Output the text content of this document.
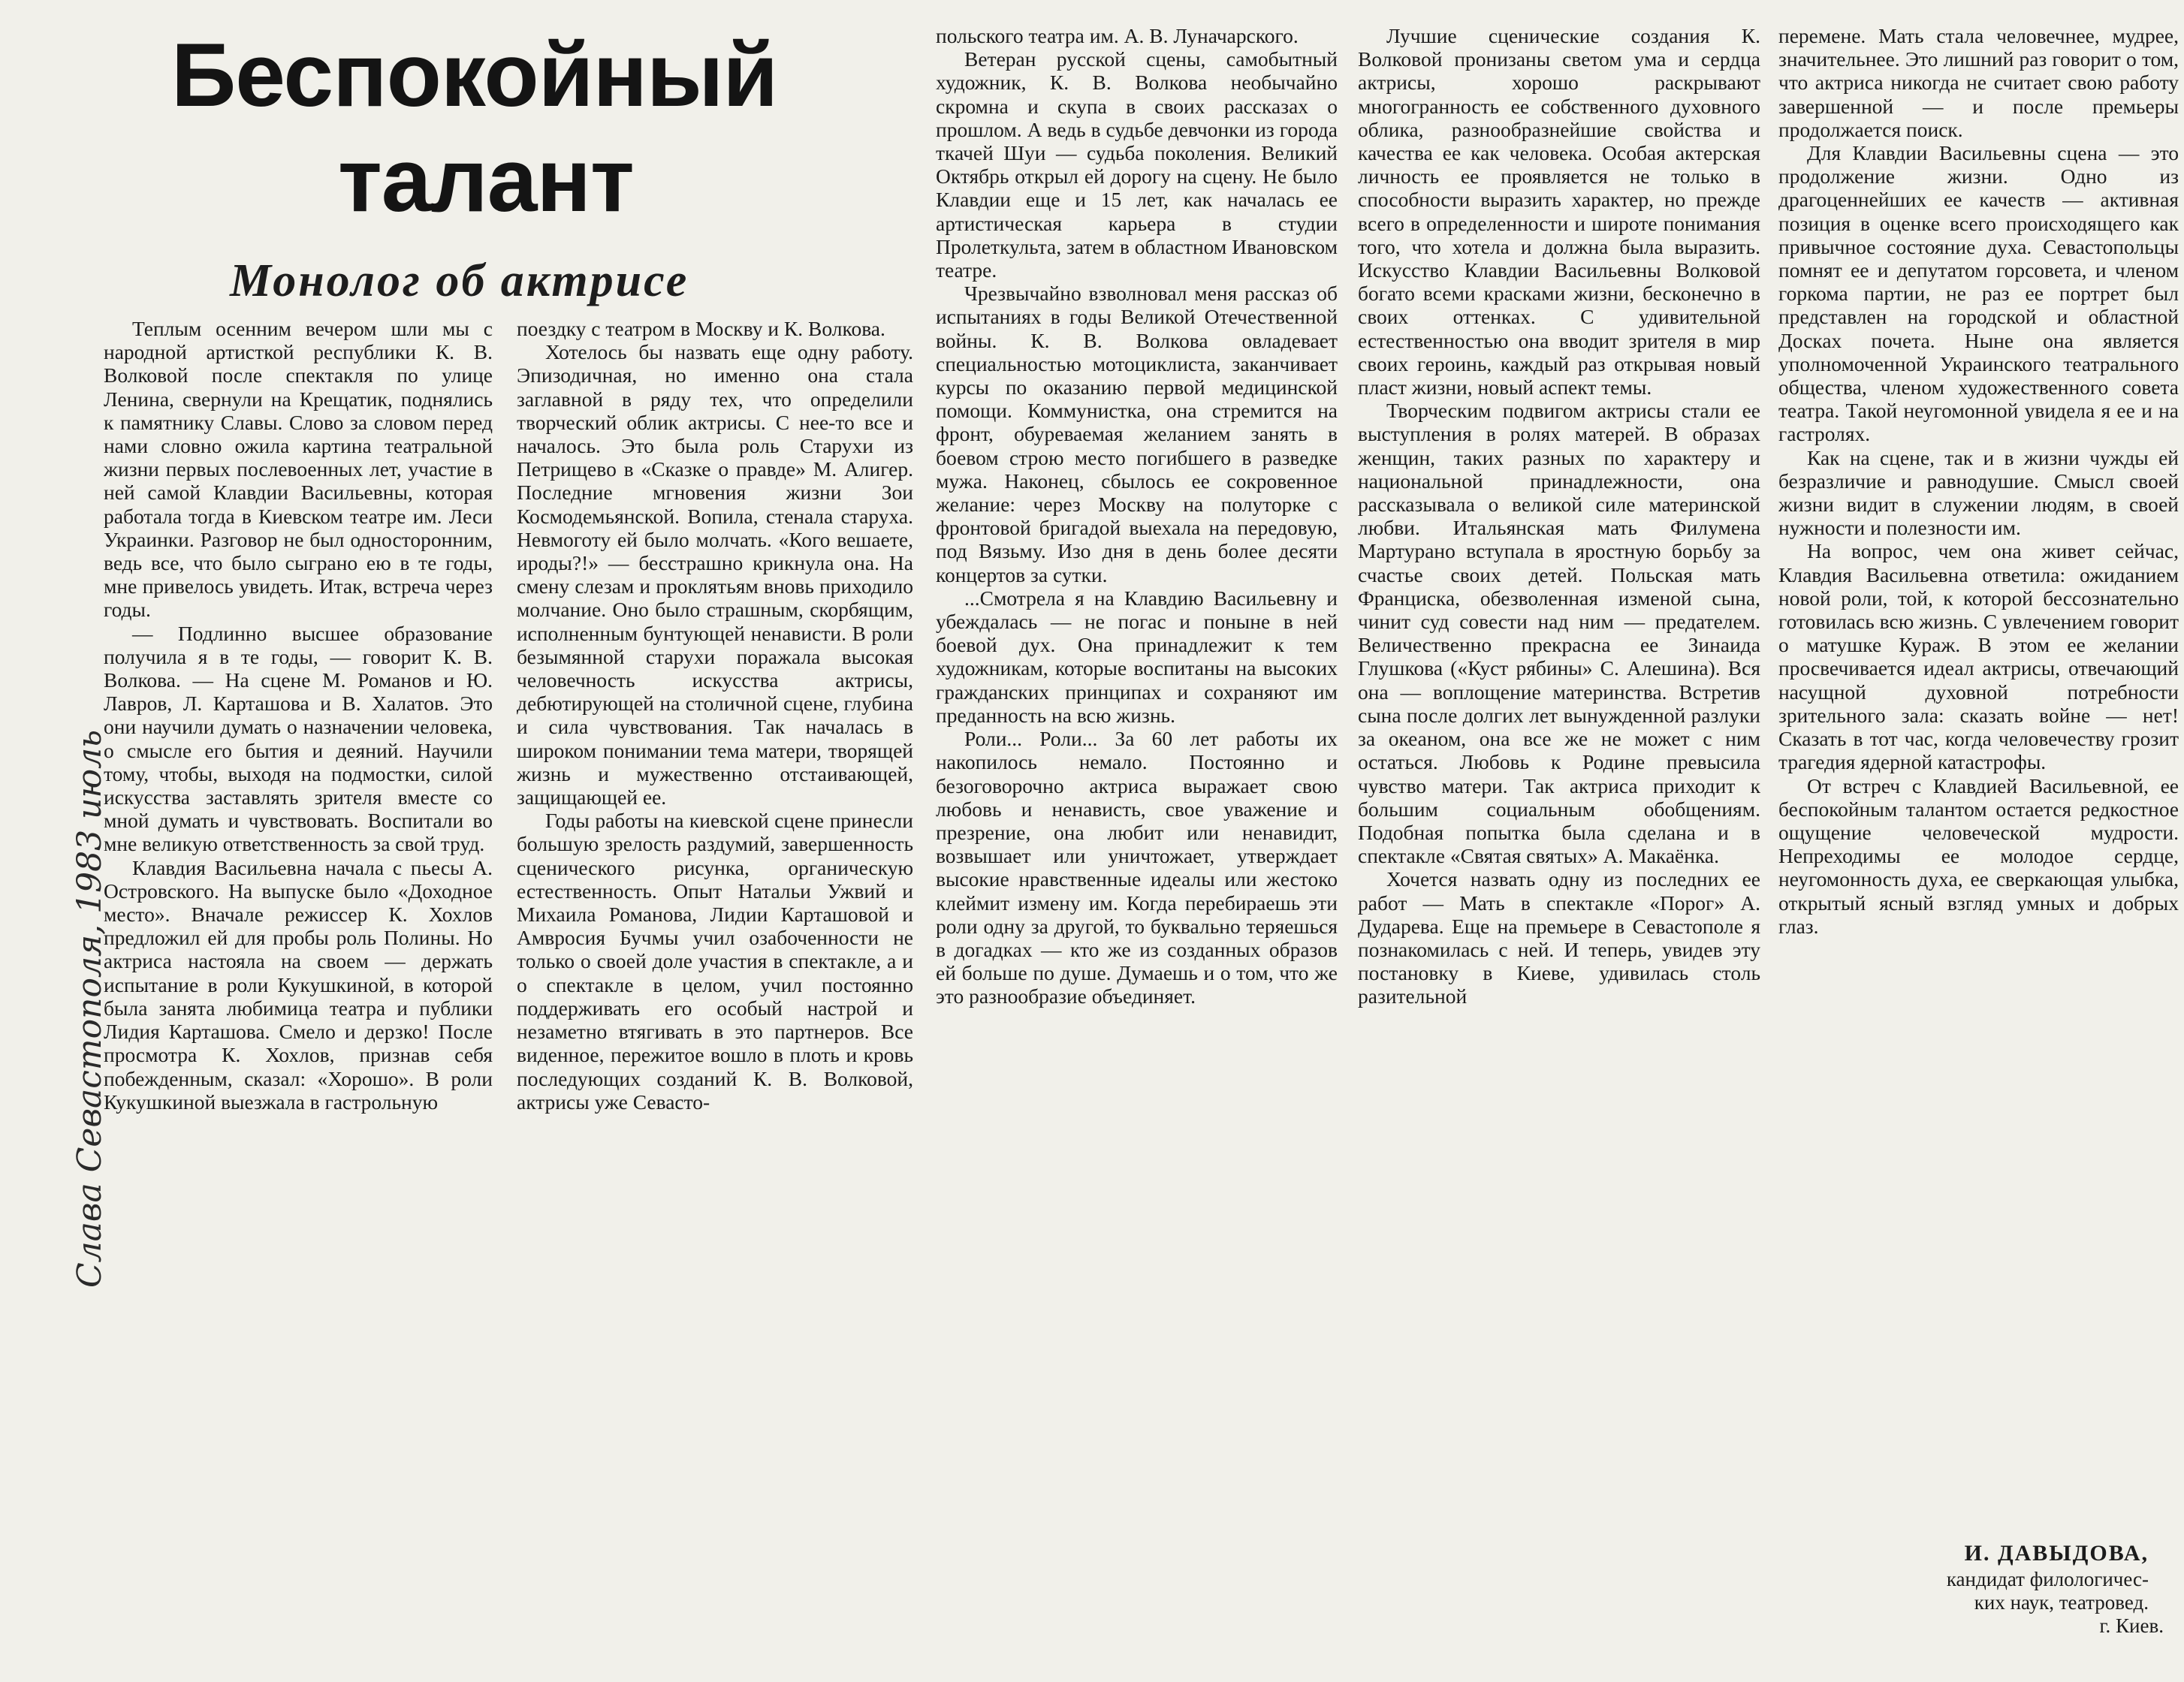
Беспокойный
талант
Монолог об актрисе
Слава Севастополя, 1983 июль

Теплым осенним вечером шли мы с народной артисткой республики К. В. Волковой после спектакля по улице Ленина, свернули на Крещатик, поднялись к памятнику Славы. Слово за словом перед нами словно ожила картина театральной жизни первых послевоенных лет, участие в ней самой Клавдии Васильевны, которая работала тогда в Киевском театре им. Леси Украинки. Разговор не был односторонним, ведь все, что было сыграно ею в те годы, мне привелось увидеть. Итак, встреча через годы.

— Подлинно высшее образование получила я в те годы, — говорит К. В. Волкова. — На сцене М. Романов и Ю. Лавров, Л. Карташова и В. Халатов. Это они научили думать о назначении человека, о смысле его бытия и деяний. Научили тому, чтобы, выходя на подмостки, силой искусства заставлять зрителя вместе со мной думать и чувствовать. Воспитали во мне великую ответственность за свой труд.

Клавдия Васильевна начала с пьесы А. Островского. На выпуске было «Доходное место». Вначале режиссер К. Хохлов предложил ей для пробы роль Полины. Но актриса настояла на своем — держать испытание в роли Кукушкиной, в которой была занята любимица театра и публики Лидия Карташова. Смело и дерзко! После просмотра К. Хохлов, признав себя побежденным, сказал: «Хорошо». В роли Кукушкиной выезжала в гастрольную

поездку с театром в Москву и К. Волкова.

Хотелось бы назвать еще одну работу. Эпизодичная, но именно она стала заглавной в ряду тех, что определили творческий облик актрисы. С нее-то все и началось. Это была роль Старухи из Петрищево в «Сказке о правде» М. Алигер. Последние мгновения жизни Зои Космодемьянской. Вопила, стенала старуха. Невмоготу ей было молчать. «Кого вешаете, ироды?!» — бесстрашно крикнула она. На смену слезам и проклятьям вновь приходило молчание. Оно было страшным, скорбящим, исполненным бунтующей ненависти. В роли безымянной старухи поражала высокая человечность искусства актрисы, дебютирующей на столичной сцене, глубина и сила чувствования. Так началась в широком понимании тема матери, творящей жизнь и мужественно отстаивающей, защищающей ее.

Годы работы на киевской сцене принесли большую зрелость раздумий, завершенность сценического рисунка, органическую естественность. Опыт Натальи Ужвий и Михаила Романова, Лидии Карташовой и Амвросия Бучмы учил озабоченности не только о своей доле участия в спектакле, а и о спектакле в целом, учил постоянно поддерживать его особый настрой и незаметно втягивать в это партнеров. Все виденное, пережитое вошло в плоть и кровь последующих созданий К. В. Волковой, актрисы уже Севасто-

польского театра им. А. В. Луначарского.

Ветеран русской сцены, самобытный художник, К. В. Волкова необычайно скромна и скупа в своих рассказах о прошлом. А ведь в судьбе девчонки из города ткачей Шуи — судьба поколения. Великий Октябрь открыл ей дорогу на сцену. Не было Клавдии еще и 15 лет, как началась ее артистическая карьера в студии Пролеткульта, затем в областном Ивановском театре.

Чрезвычайно взволновал меня рассказ об испытаниях в годы Великой Отечественной войны. К. В. Волкова овладевает специальностью мотоциклиста, заканчивает курсы по оказанию первой медицинской помощи. Коммунистка, она стремится на фронт, обуреваемая желанием занять в боевом строю место погибшего в разведке мужа. Наконец, сбылось ее сокровенное желание: через Москву на полуторке с фронтовой бригадой выехала на передовую, под Вязьму. Изо дня в день более десяти концертов за сутки.

...Смотрела я на Клавдию Васильевну и убеждалась — не погас и поныне в ней боевой дух. Она принадлежит к тем художникам, которые воспитаны на высоких гражданских принципах и сохраняют им преданность на всю жизнь.

Роли... Роли... За 60 лет работы их накопилось немало. Постоянно и безоговорочно актриса выражает свою любовь и ненависть, свое уважение и презрение, она любит или ненавидит, возвышает или уничтожает, утверждает высокие нравственные идеалы или жестоко клеймит измену им. Когда перебираешь эти роли одну за другой, то буквально теряешься в догадках — кто же из созданных образов ей больше по душе. Думаешь и о том, что же это разнообразие объединяет.

Лучшие сценические создания К. Волковой пронизаны светом ума и сердца актрисы, хорошо раскрывают многогранность ее собственного духовного облика, разнообразнейшие свойства и качества ее как человека. Особая актерская личность ее проявляется не только в способности выразить характер, но прежде всего в определенности и широте понимания того, что хотела и должна была выразить. Искусство Клавдии Васильевны Волковой богато всеми красками жизни, бесконечно в своих оттенках. С удивительной естественностью она вводит зрителя в мир своих героинь, каждый раз открывая новый пласт жизни, новый аспект темы.

Творческим подвигом актрисы стали ее выступления в ролях матерей. В образах женщин, таких разных по характеру и национальной принадлежности, она рассказывала о великой силе материнской любви. Итальянская мать Филумена Мартурано вступала в яростную борьбу за счастье своих детей. Польская мать Франциска, обезволенная изменой сына, чинит суд совести над ним — предателем. Величественно прекрасна ее Зинаида Глушкова («Куст рябины» С. Алешина). Вся она — воплощение материнства. Встретив сына после долгих лет вынужденной разлуки за океаном, она все же не может с ним остаться. Любовь к Родине превысила чувство матери. Так актриса приходит к большим социальным обобщениям. Подобная попытка была сделана и в спектакле «Святая святых» А. Макаёнка.

Хочется назвать одну из последних ее работ — Мать в спектакле «Порог» А. Дударева. Еще на премьере в Севастополе я познакомилась с ней. И теперь, увидев эту постановку в Киеве, удивилась столь разительной

перемене. Мать стала человечнее, мудрее, значительнее. Это лишний раз говорит о том, что актриса никогда не считает свою работу завершенной — и после премьеры продолжается поиск.

Для Клавдии Васильевны сцена — это продолжение жизни. Одно из драгоценнейших ее качеств — активная позиция в оценке всего происходящего как привычное состояние духа. Севастопольцы помнят ее и депутатом горсовета, и членом горкома партии, не раз ее портрет был представлен на городской и областной Досках почета. Ныне она является уполномоченной Украинского театрального общества, членом художественного совета театра. Такой неугомонной увидела я ее и на гастролях.

Как на сцене, так и в жизни чужды ей безразличие и равнодушие. Смысл своей жизни видит в служении людям, в своей нужности и полезности им.

На вопрос, чем она живет сейчас, Клавдия Васильевна ответила: ожиданием новой роли, той, к которой бессознательно готовилась всю жизнь. С увлечением говорит о матушке Кураж. В этом ее желании просвечивается идеал актрисы, отвечающий насущной духовной потребности зрительного зала: сказать войне — нет! Сказать в тот час, когда человечеству грозит трагедия ядерной катастрофы.

От встреч с Клавдией Васильевной, ее беспокойным талантом остается редкостное ощущение человеческой мудрости. Непреходимы ее молодое сердце, неугомонность духа, ее сверкающая улыбка, открытый ясный взгляд умных и добрых глаз.

И. ДАВЫДОВА,
кандидат филологичес-
ких наук, театровед.
г. Киев.
